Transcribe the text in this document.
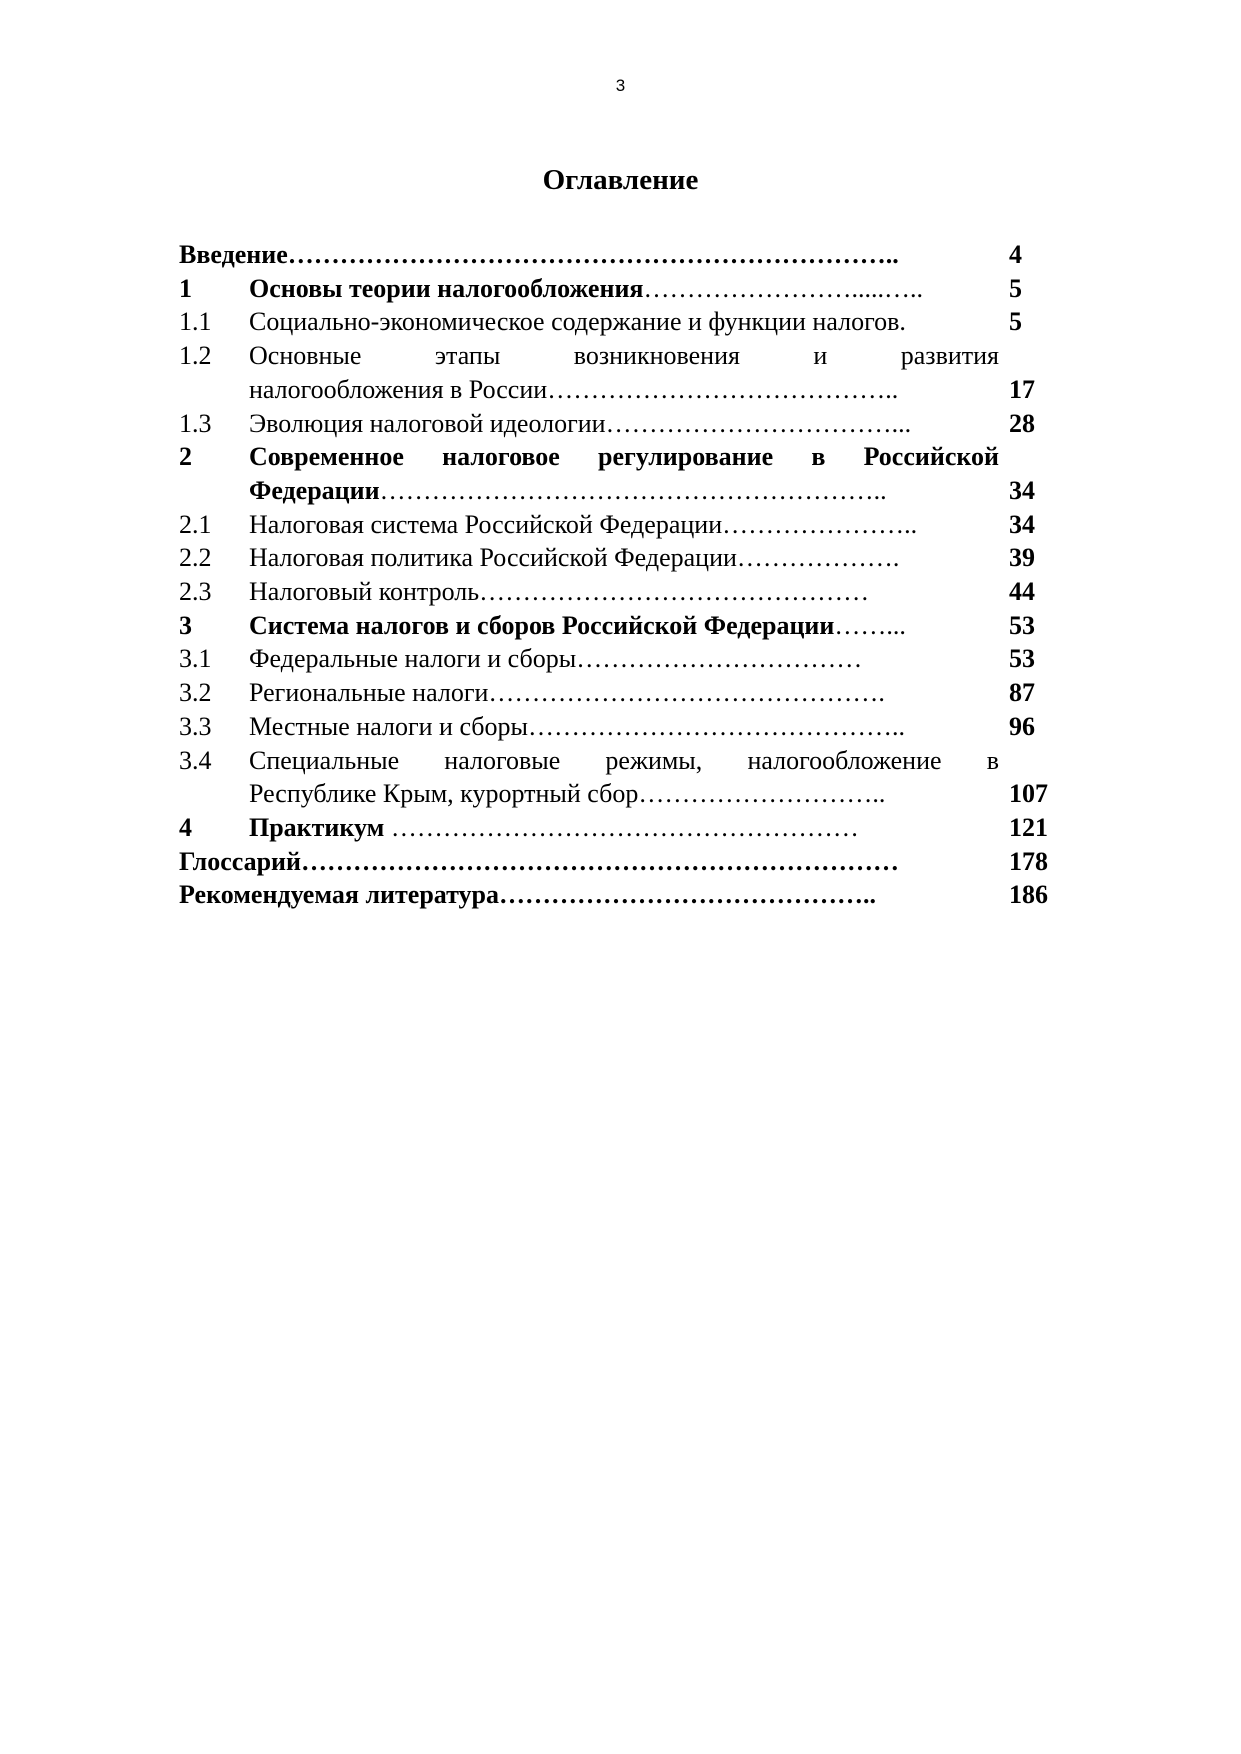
3
Оглавление
Введение……………………………………………………………..	4
1	Основы теории налогообложения…………………….....…..	5
1.1	Социально-экономическое содержание и функции налогов.	5
1.2	Основные этапы возникновения и развития
налогообложения в России…………………………………..	17
1.3	Эволюция налоговой идеологии……………………………...	28
2	Современное налоговое регулирование в Российской
Федерации…………………………………………………..	34
2.1	Налоговая система Российской Федерации…………………..	34
2.2	Налоговая политика Российской Федерации……………….	39
2.3	Налоговый контроль………………………………………	44
3	Система налогов и сборов Российской Федерации……...	53
3.1	Федеральные налоги и сборы……………………………	53
3.2	Региональные налоги……………………………………….	87
3.3	Местные налоги и сборы……………………………………..	96
3.4	Специальные налоговые режимы, налогообложение в
Республике Крым, курортный сбор………………………..	107
4	Практикум ………………………………………………	121
Глоссарий……………………………………………………………	178
Рекомендуемая литература……………………………………..	186
